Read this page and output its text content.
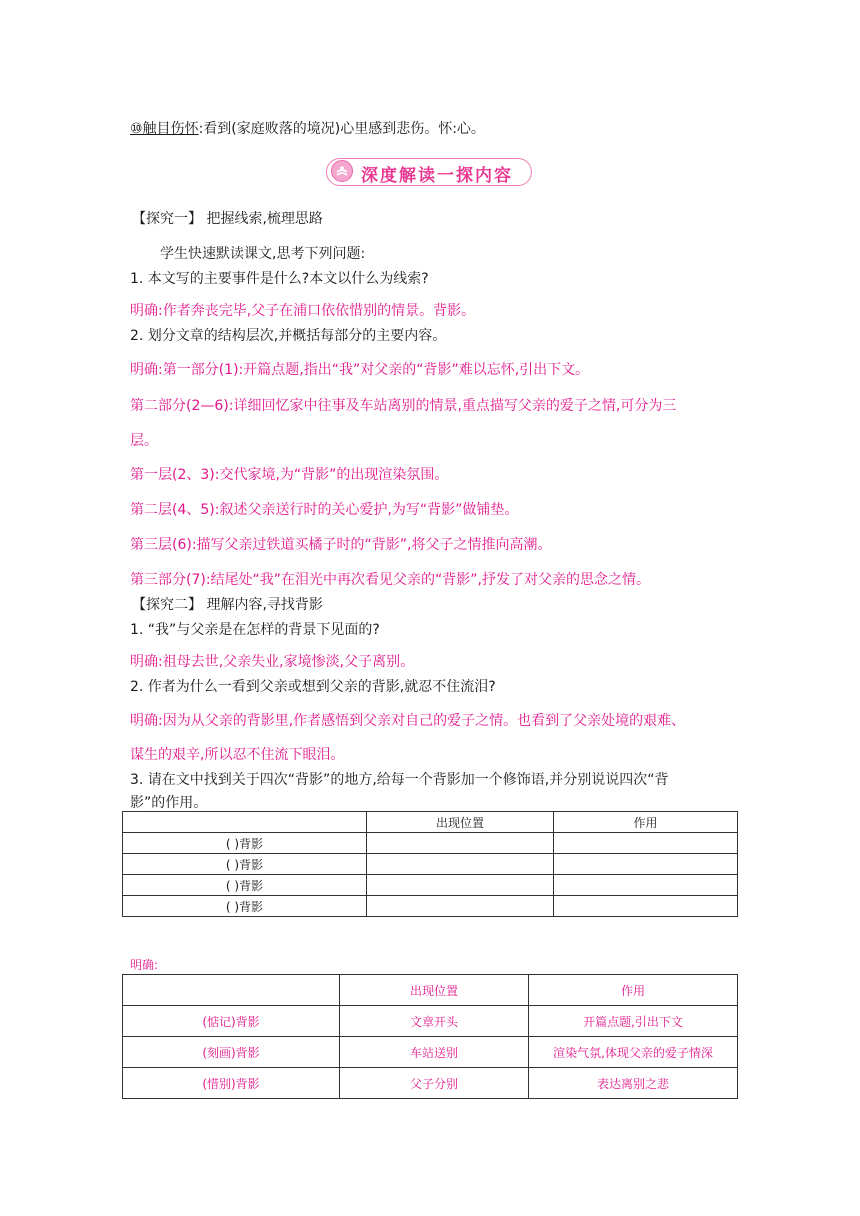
⑩触目伤怀:看到(家庭败落的境况)心里感到悲伤。怀:心。
深度解读一探内容
【探究一】 把握线索,梳理思路
学生快速默读课文,思考下列问题:
1. 本文写的主要事件是什么?本文以什么为线索?
明确:作者奔丧完毕,父子在浦口依依惜别的情景。背影。
2. 划分文章的结构层次,并概括每部分的主要内容。
明确:第一部分(1):开篇点题,指出“我”对父亲的“背影”难以忘怀,引出下文。
第二部分(2—6):详细回忆家中往事及车站离别的情景,重点描写父亲的爱子之情,可分为三
层。
第一层(2、3):交代家境,为“背影”的出现渲染氛围。
第二层(4、5):叙述父亲送行时的关心爱护,为写“背影”做铺垫。
第三层(6):描写父亲过铁道买橘子时的“背影”,将父子之情推向高潮。
第三部分(7):结尾处“我”在泪光中再次看见父亲的“背影”,抒发了对父亲的思念之情。
【探究二】 理解内容,寻找背影
1. “我”与父亲是在怎样的背景下见面的?
明确:祖母去世,父亲失业,家境惨淡,父子离别。
2. 作者为什么一看到父亲或想到父亲的背影,就忍不住流泪?
明确:因为从父亲的背影里,作者感悟到父亲对自己的爱子之情。也看到了父亲处境的艰难、
谋生的艰辛,所以忍不住流下眼泪。
3. 请在文中找到关于四次“背影”的地方,给每一个背影加一个修饰语,并分别说说四次“背
影”的作用。
	出现位置	作用
( )背影		
( )背影		
( )背影		
( )背影		
明确:
	出现位置	作用
(惦记)背影	文章开头	开篇点题,引出下文
(刻画)背影	车站送别	渲染气氛,体现父亲的爱子情深
(惜别)背影	父子分别	表达离别之悲
